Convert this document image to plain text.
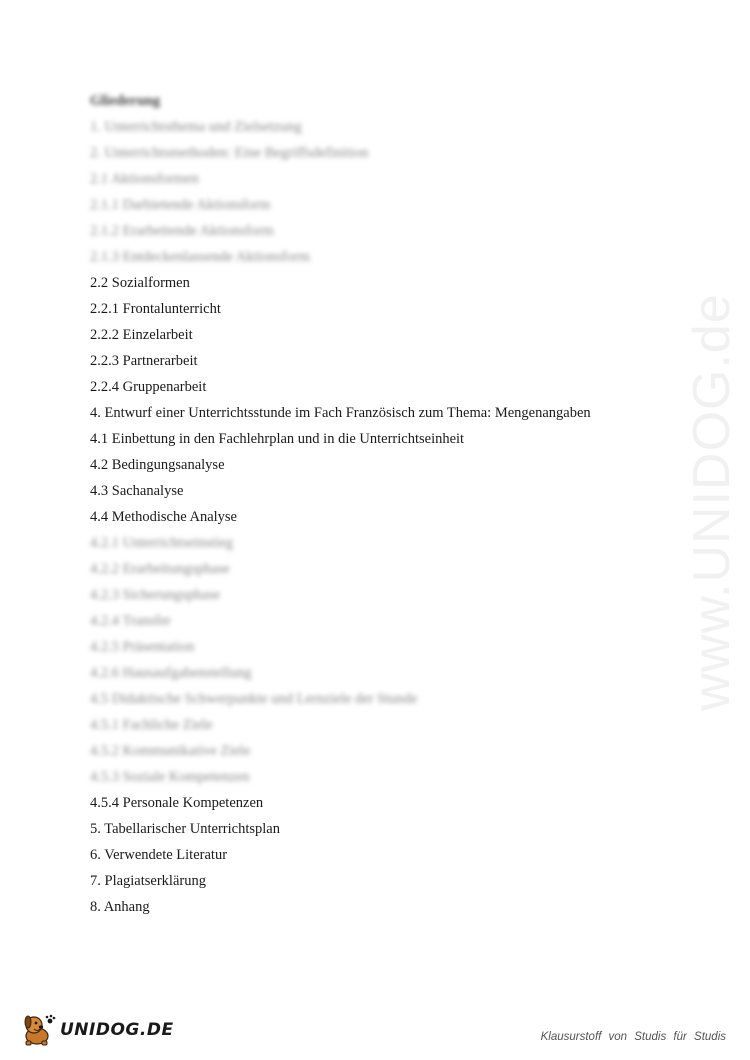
Gliederung
1. Unterrichtsthema und Zielsetzung
2. Unterrichtsmethoden: Eine Begriffsdefinition
2.1 Aktionsformen
2.1.1 Darbietende Aktionsform
2.1.2 Erarbeitende Aktionsform
2.1.3 Entdeckenlassende Aktionsform
2.2 Sozialformen
2.2.1 Frontalunterricht
2.2.2 Einzelarbeit
2.2.3 Partnerarbeit
2.2.4 Gruppenarbeit
4. Entwurf einer Unterrichtsstunde im Fach Französisch zum Thema: Mengenangaben
4.1 Einbettung in den Fachlehrplan und in die Unterrichtseinheit
4.2 Bedingungsanalyse
4.3 Sachanalyse
4.4 Methodische Analyse
4.2.1 Unterrichtseinstieg
4.2.2 Erarbeitungsphase
4.2.3 Sicherungsphase
4.2.4 Transfer
4.2.5 Präsentation
4.2.6 Hausaufgabenstellung
4.5 Didaktische Schwerpunkte und Lernziele der Stunde
4.5.1 Fachliche Ziele
4.5.2 Kommunikative Ziele
4.5.3 Soziale Kompetenzen
4.5.4 Personale Kompetenzen
5. Tabellarischer Unterrichtsplan
6. Verwendete Literatur
7. Plagiatserklärung
8. Anhang
www.UNIDOG.de
UNIDOG.DE	Klausurstoff von Studis für Studis
